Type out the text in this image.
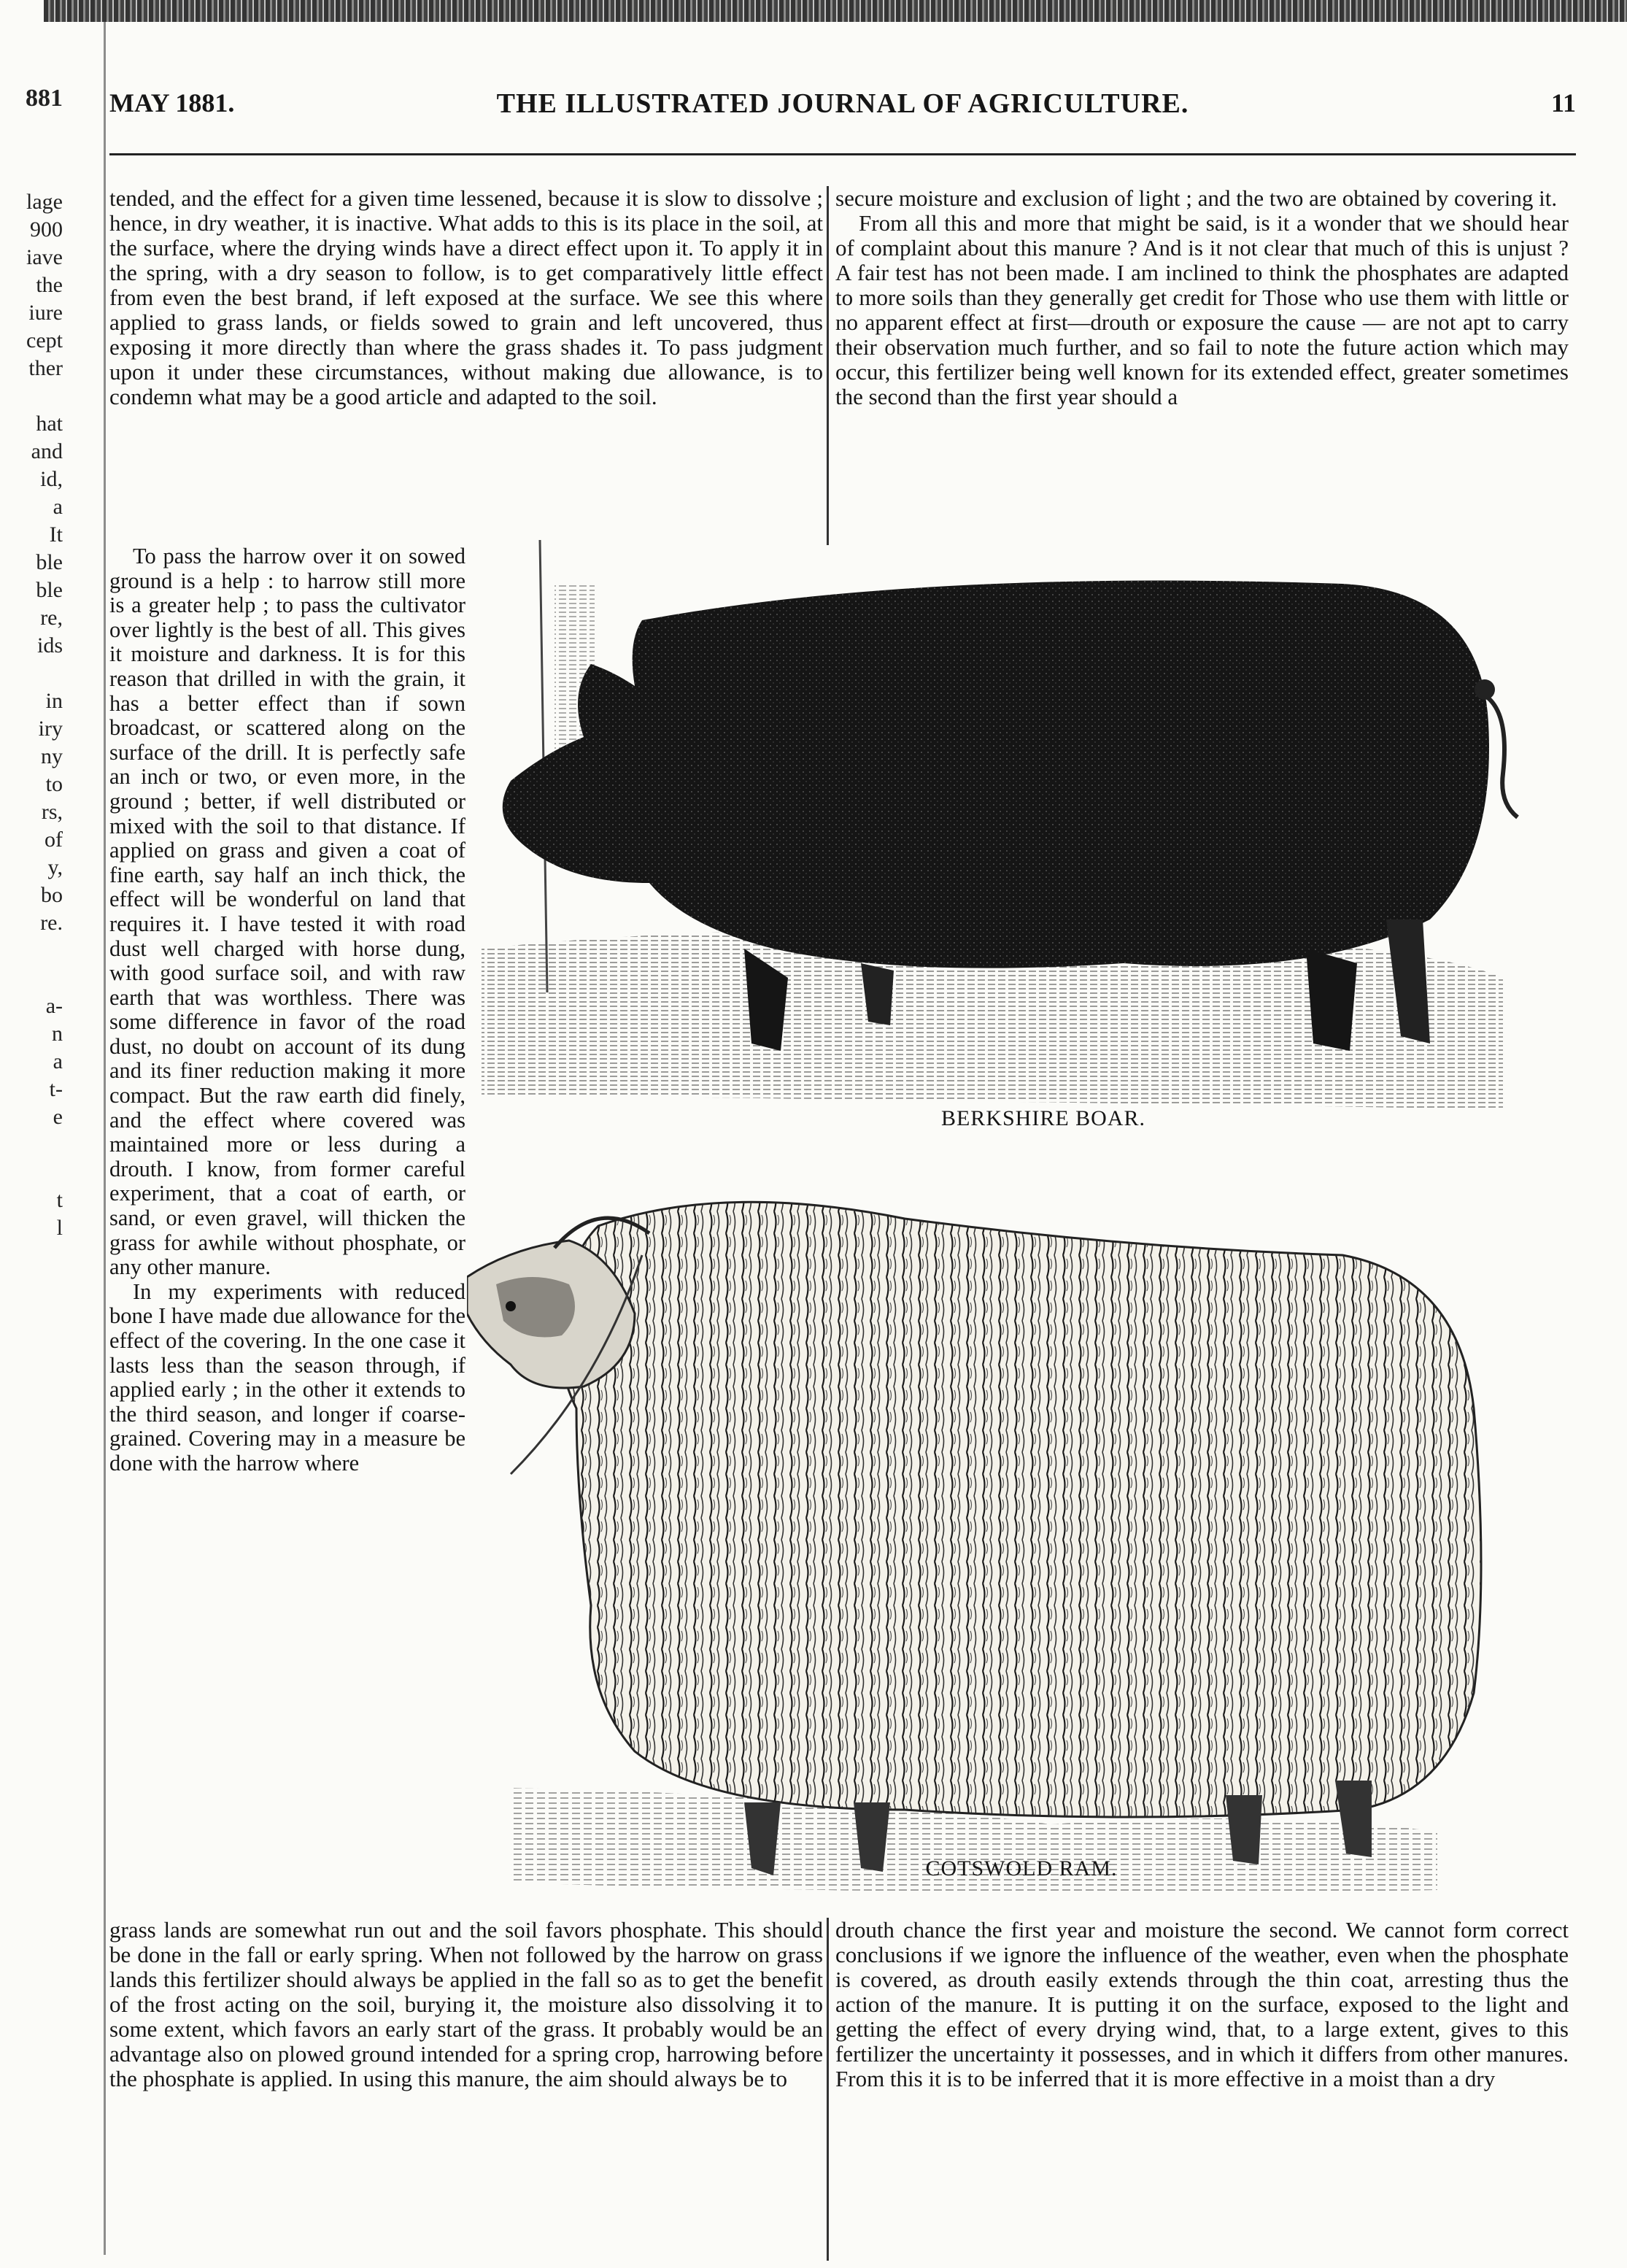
881
lage
900
iave
the
iure
cept
ther
hat
and
id,
a
It
ble
ble
re,
ids
in
iry
ny
to
rs,
of
y,
bo
re.
a-
n
a
t-
e
t
l
MAY 1881.	THE ILLUSTRATED JOURNAL OF AGRICULTURE.	11

tended, and the effect for a given time lessened, because it is slow to dissolve ; hence, in dry weather, it is inactive. What adds to this is its place in the soil, at the surface, where the drying winds have a direct effect upon it. To apply it in the spring, with a dry season to follow, is to get comparatively little effect from even the best brand, if left exposed at the surface. We see this where applied to grass lands, or fields sowed to grain and left uncovered, thus exposing it more directly than where the grass shades it. To pass judgment upon it under these circumstances, without making due allowance, is to condemn what may be a good article and adapted to the soil.

secure moisture and exclusion of light ; and the two are obtained by covering it.

From all this and more that might be said, is it a wonder that we should hear of complaint about this manure ? And is it not clear that much of this is unjust ? A fair test has not been made. I am inclined to think the phosphates are adapted to more soils than they generally get credit for Those who use them with little or no apparent effect at first—drouth or exposure the cause — are not apt to carry their observation much further, and so fail to note the future action which may occur, this fertilizer being well known for its extended effect, greater sometimes the second than the first year should a

To pass the harrow over it on sowed ground is a help : to harrow still more is a greater help ; to pass the cultivator over lightly is the best of all. This gives it moisture and darkness. It is for this reason that drilled in with the grain, it has a better effect than if sown broadcast, or scattered along on the surface of the drill. It is perfectly safe an inch or two, or even more, in the ground ; better, if well distributed or mixed with the soil to that distance. If applied on grass and given a coat of fine earth, say half an inch thick, the effect will be wonderful on land that requires it. I have tested it with road dust well charged with horse dung, with good surface soil, and with raw earth that was worthless. There was some difference in favor of the road dust, no doubt on account of its dung and its finer reduction making it more compact. But the raw earth did finely, and the effect where covered was maintained more or less during a drouth. I know, from former careful experiment, that a coat of earth, or sand, or even gravel, will thicken the grass for awhile without phosphate, or any other manure.

In my experiments with reduced bone I have made due allowance for the effect of the covering. In the one case it lasts less than the season through, if applied early ; in the other it extends to the third season, and longer if coarse-grained. Covering may in a measure be done with the harrow where

BERKSHIRE BOAR.
COTSWOLD RAM.

grass lands are somewhat run out and the soil favors phosphate. This should be done in the fall or early spring. When not followed by the harrow on grass lands this fertilizer should always be applied in the fall so as to get the benefit of the frost acting on the soil, burying it, the moisture also dissolving it to some extent, which favors an early start of the grass. It probably would be an advantage also on plowed ground intended for a spring crop, harrowing before the phosphate is applied. In using this manure, the aim should always be to

drouth chance the first year and moisture the second. We cannot form correct conclusions if we ignore the influence of the weather, even when the phosphate is covered, as drouth easily extends through the thin coat, arresting thus the action of the manure. It is putting it on the surface, exposed to the light and getting the effect of every drying wind, that, to a large extent, gives to this fertilizer the uncertainty it possesses, and in which it differs from other manures. From this it is to be inferred that it is more effective in a moist than a dry
